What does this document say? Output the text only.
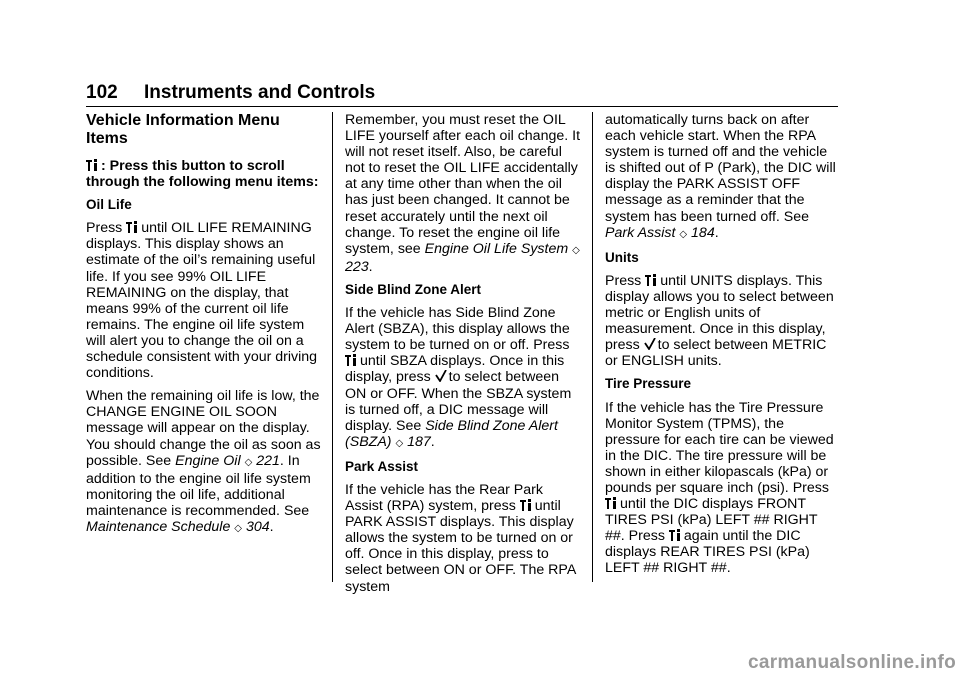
102 Instruments and Controls
Vehicle Information Menu Items

: Press this button to scroll through the following menu items:

Oil Life

Press until OIL LIFE REMAINING displays. This display shows an estimate of the oil’s remaining useful life. If you see 99% OIL LIFE REMAINING on the display, that means 99% of the current oil life remains. The engine oil life system will alert you to change the oil on a schedule consistent with your driving conditions.

When the remaining oil life is low, the CHANGE ENGINE OIL SOON message will appear on the display. You should change the oil as soon as possible. See Engine Oil ◇ 221. In addition to the engine oil life system monitoring the oil life, additional maintenance is recommended. See Maintenance Schedule ◇ 304.

Remember, you must reset the OIL LIFE yourself after each oil change. It will not reset itself. Also, be careful not to reset the OIL LIFE accidentally at any time other than when the oil has just been changed. It cannot be reset accurately until the next oil change. To reset the engine oil life system, see Engine Oil Life System ◇ 223.

Side Blind Zone Alert

If the vehicle has Side Blind Zone Alert (SBZA), this display allows the system to be turned on or off. Press until SBZA displays. Once in this display, press to select between ON or OFF. When the SBZA system is turned off, a DIC message will display. See Side Blind Zone Alert (SBZA) ◇ 187.

Park Assist

If the vehicle has the Rear Park Assist (RPA) system, press until PARK ASSIST displays. This display allows the system to be turned on or off. Once in this display, press to select between ON or OFF. The RPA system

automatically turns back on after each vehicle start. When the RPA system is turned off and the vehicle is shifted out of P (Park), the DIC will display the PARK ASSIST OFF message as a reminder that the system has been turned off. See Park Assist ◇ 184.

Units

Press until UNITS displays. This display allows you to select between metric or English units of measurement. Once in this display, press to select between METRIC or ENGLISH units.

Tire Pressure

If the vehicle has the Tire Pressure Monitor System (TPMS), the pressure for each tire can be viewed in the DIC. The tire pressure will be shown in either kilopascals (kPa) or pounds per square inch (psi). Press until the DIC displays FRONT TIRES PSI (kPa) LEFT ## RIGHT ##. Press again until the DIC displays REAR TIRES PSI (kPa) LEFT ## RIGHT ##.

carmanualsonline.info
